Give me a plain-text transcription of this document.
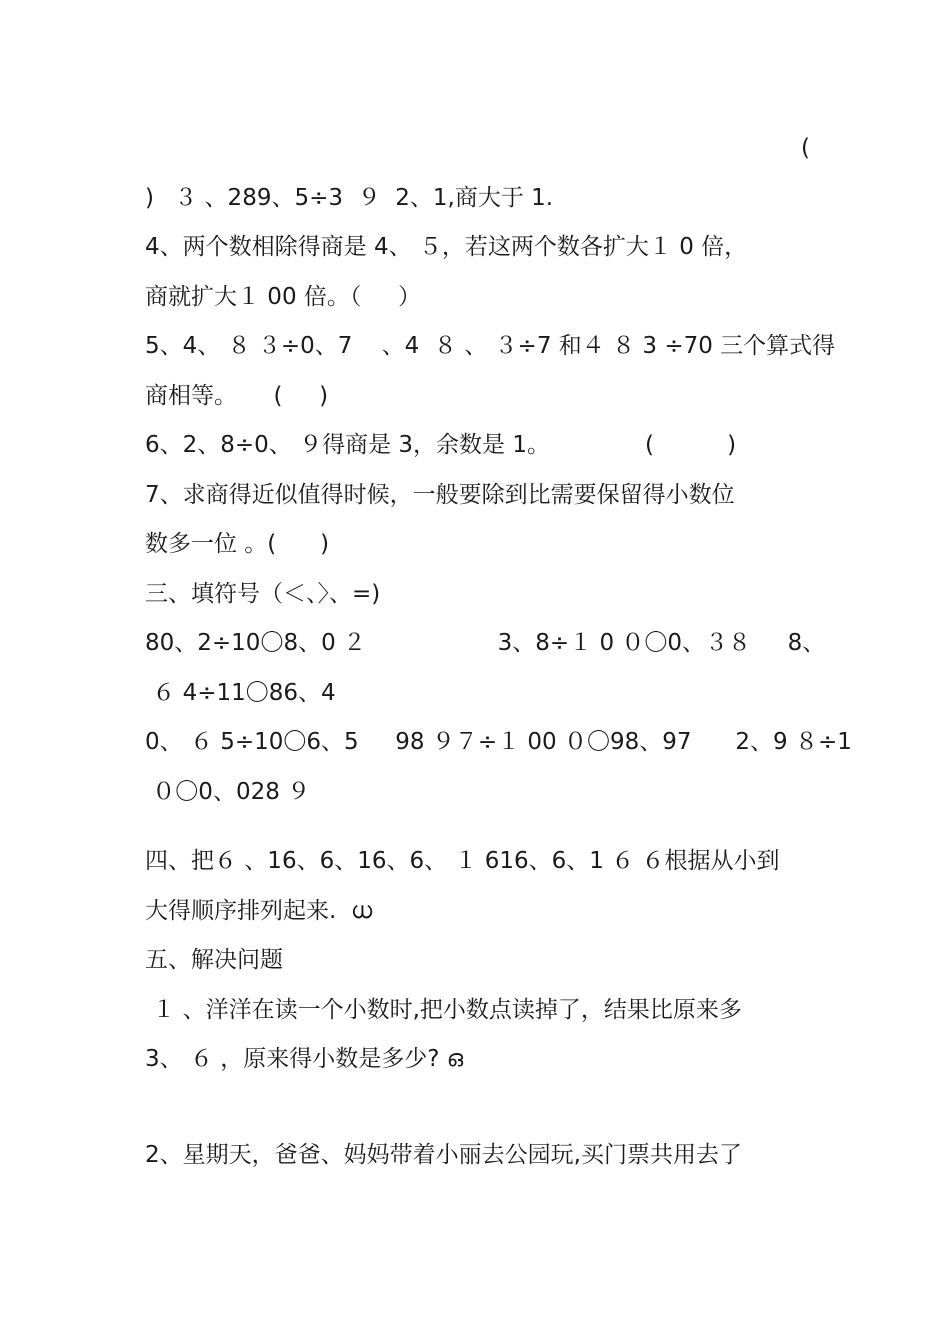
３ 、289、5÷3  ９  2、1,商大于 1.

(

)
4、两个数相除得商是 4、 ５，若这两个数各扩大１ 0 倍，
商就扩大１ 00 倍。（     ）
5、4、 ８ ３÷0、7    、4  ８ 、 ３÷7 和４ ８ 3 ÷70 三个算式得
商相等。     (     )
6、2、8÷0、 ９得商是 3，余数是 1。             (          )
7、求商得近似值得时候，一般要除到比需要保留得小数位
数多一位 。(      )
三、填符号（＜、〉、=)
80、2÷10〇8、0 ２                  3、8÷１ 0 ０〇0、３８     8、
６ 4÷11〇86、4
0、 ６ 5÷10〇6、5     98 ９７÷１ 00 ０〇98、97      2、9 ８÷1
０〇0、028 ９
四、把６ 、16、6、16、6、 １ 616、6、1 ６ ６根据从小到
大得顺序排列起来.  ധ
五、解决问题
１ 、洋洋在读一个小数时,把小数点读掉了，结果比原来多
3、 ６ ，原来得小数是多少? ഒ
2、星期天，爸爸、妈妈带着小丽去公园玩,买门票共用去了
